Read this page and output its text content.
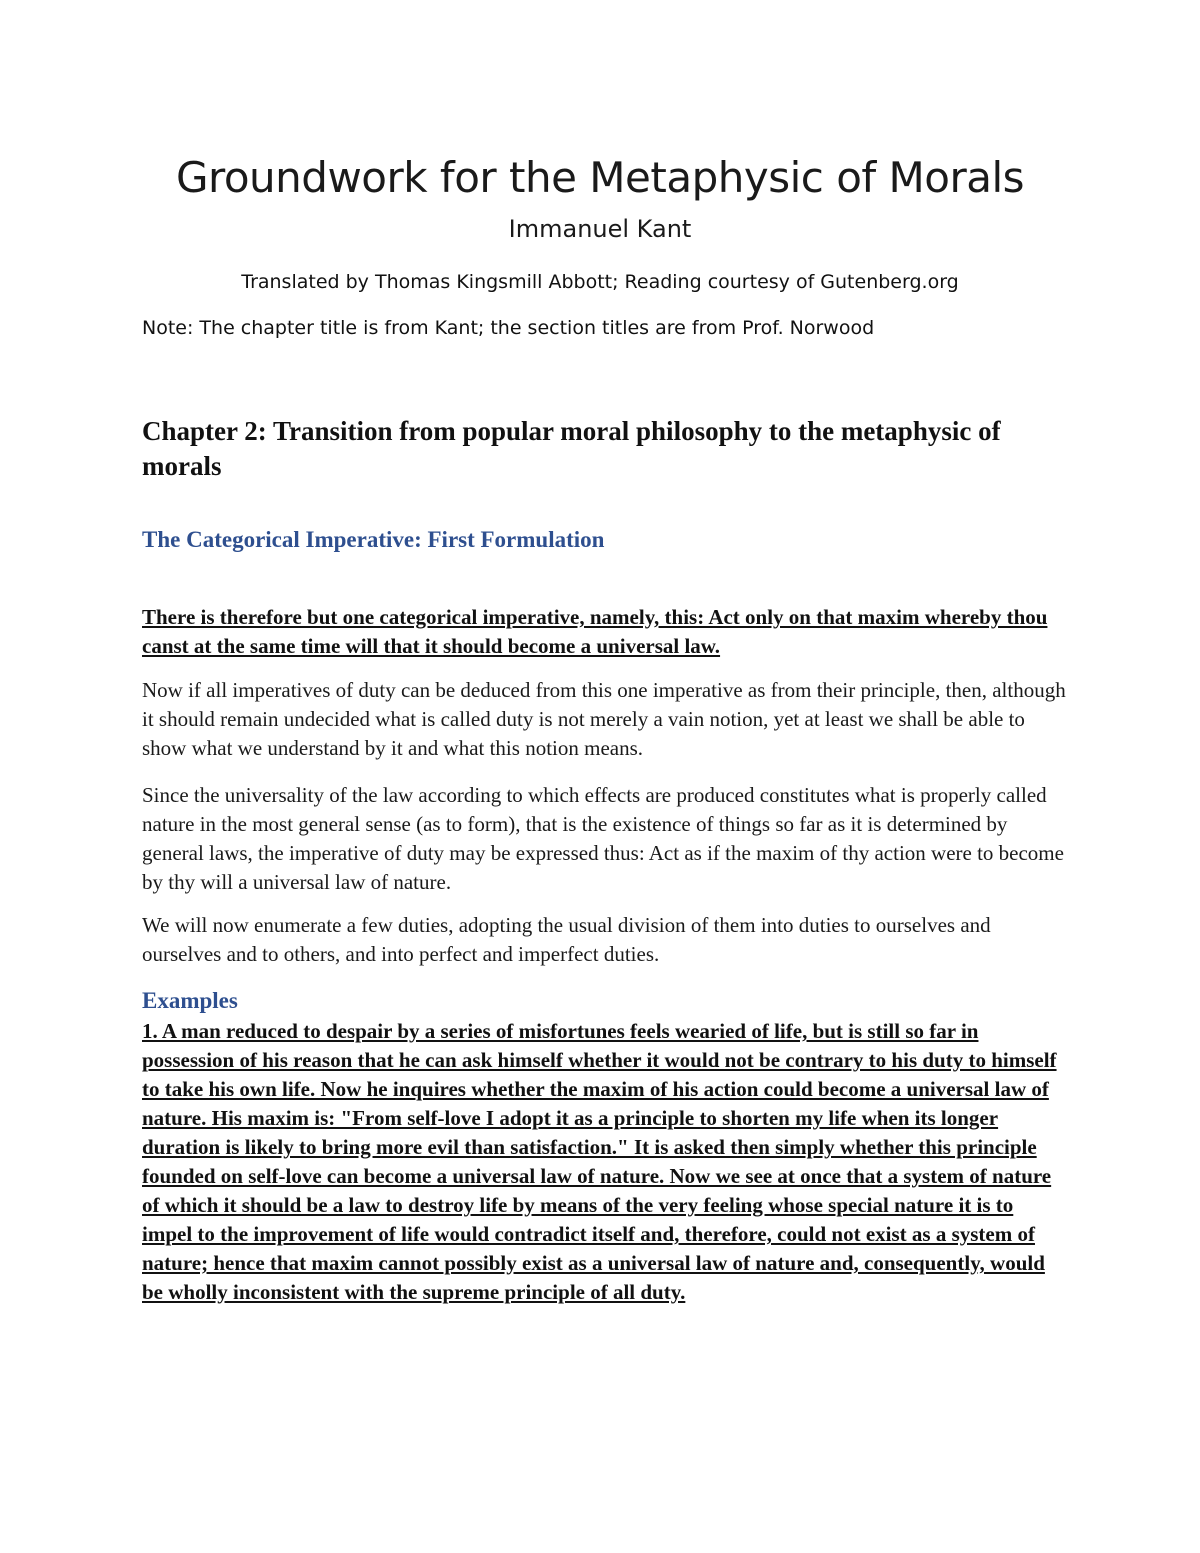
Groundwork for the Metaphysic of Morals
Immanuel Kant
Translated by Thomas Kingsmill Abbott; Reading courtesy of Gutenberg.org
Note: The chapter title is from Kant; the section titles are from Prof. Norwood
Chapter 2: Transition from popular moral philosophy to the metaphysic of morals
The Categorical Imperative: First Formulation
There is therefore but one categorical imperative, namely, this: Act only on that maxim whereby thou canst at the same time will that it should become a universal law.
Now if all imperatives of duty can be deduced from this one imperative as from their principle, then, although it should remain undecided what is called duty is not merely a vain notion, yet at least we shall be able to show what we understand by it and what this notion means.
Since the universality of the law according to which effects are produced constitutes what is properly called nature in the most general sense (as to form), that is the existence of things so far as it is determined by general laws, the imperative of duty may be expressed thus: Act as if the maxim of thy action were to become by thy will a universal law of nature.
We will now enumerate a few duties, adopting the usual division of them into duties to ourselves and ourselves and to others, and into perfect and imperfect duties.
Examples
1. A man reduced to despair by a series of misfortunes feels wearied of life, but is still so far in possession of his reason that he can ask himself whether it would not be contrary to his duty to himself to take his own life. Now he inquires whether the maxim of his action could become a universal law of nature. His maxim is: "From self-love I adopt it as a principle to shorten my life when its longer duration is likely to bring more evil than satisfaction." It is asked then simply whether this principle founded on self-love can become a universal law of nature. Now we see at once that a system of nature of which it should be a law to destroy life by means of the very feeling whose special nature it is to impel to the improvement of life would contradict itself and, therefore, could not exist as a system of nature; hence that maxim cannot possibly exist as a universal law of nature and, consequently, would be wholly inconsistent with the supreme principle of all duty.
